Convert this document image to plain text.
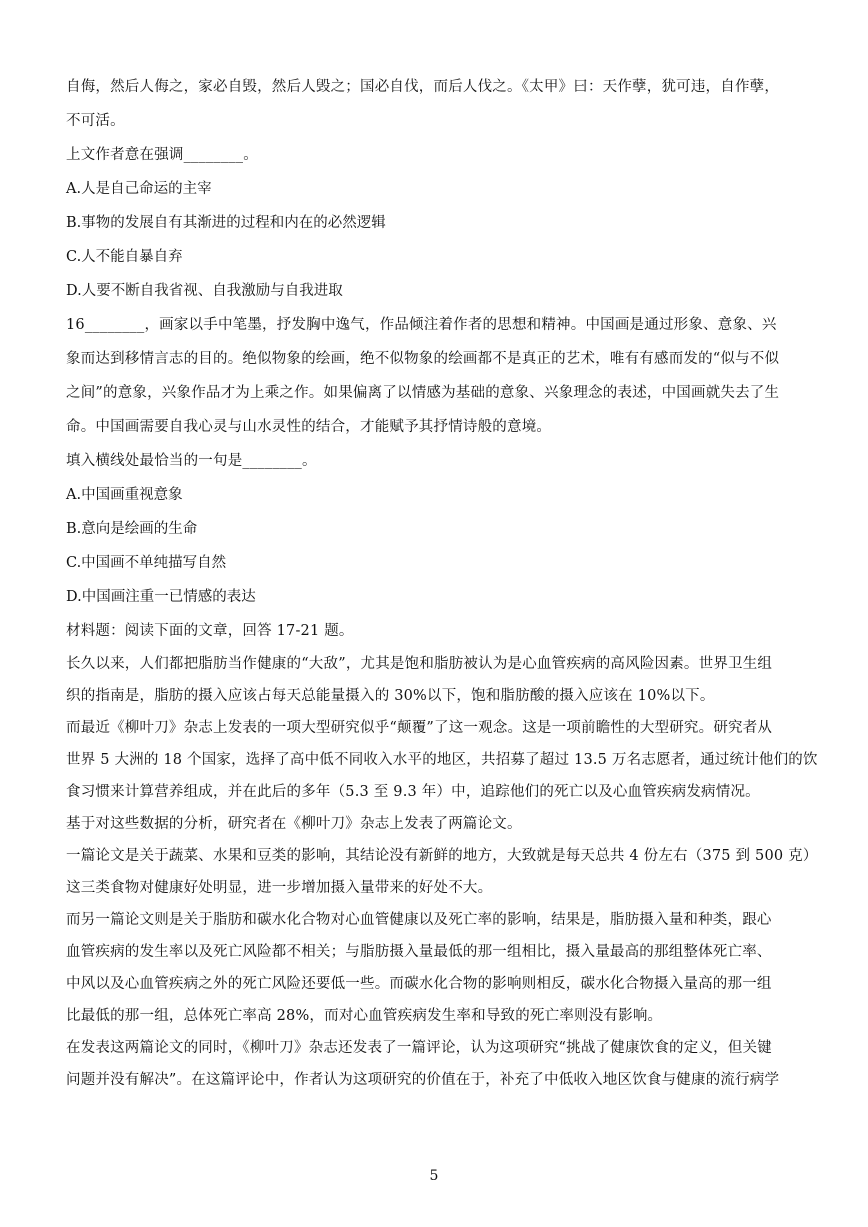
自侮，然后人侮之，家必自毁，然后人毁之；国必自伐，而后人伐之。《太甲》曰：天作孽，犹可违，自作孽，

不可活。

上文作者意在强调________。

A.人是自己命运的主宰

B.事物的发展自有其渐进的过程和内在的必然逻辑

C.人不能自暴自弃

D.人要不断自我省视、自我激励与自我进取

16________，画家以手中笔墨，抒发胸中逸气，作品倾注着作者的思想和精神。中国画是通过形象、意象、兴

象而达到移情言志的目的。绝似物象的绘画，绝不似物象的绘画都不是真正的艺术，唯有有感而发的“似与不似

之间”的意象，兴象作品才为上乘之作。如果偏离了以情感为基础的意象、兴象理念的表述，中国画就失去了生

命。中国画需要自我心灵与山水灵性的结合，才能赋予其抒情诗般的意境。

填入横线处最恰当的一句是________。

A.中国画重视意象

B.意向是绘画的生命

C.中国画不单纯描写自然

D.中国画注重一已情感的表达

材料题：阅读下面的文章，回答 17-21 题。

长久以来，人们都把脂肪当作健康的“大敌”，尤其是饱和脂肪被认为是心血管疾病的高风险因素。世界卫生组

织的指南是，脂肪的摄入应该占每天总能量摄入的 30%以下，饱和脂肪酸的摄入应该在 10%以下。

而最近《柳叶刀》杂志上发表的一项大型研究似乎“颠覆”了这一观念。这是一项前瞻性的大型研究。研究者从

世界 5 大洲的 18 个国家，选择了高中低不同收入水平的地区，共招募了超过 13.5 万名志愿者，通过统计他们的饮

食习惯来计算营养组成，并在此后的多年（5.3 至 9.3 年）中，追踪他们的死亡以及心血管疾病发病情况。

基于对这些数据的分析，研究者在《柳叶刀》杂志上发表了两篇论文。

一篇论文是关于蔬菜、水果和豆类的影响，其结论没有新鲜的地方，大致就是每天总共 4 份左右（375 到 500 克）

这三类食物对健康好处明显，进一步增加摄入量带来的好处不大。

而另一篇论文则是关于脂肪和碳水化合物对心血管健康以及死亡率的影响，结果是，脂肪摄入量和种类，跟心

血管疾病的发生率以及死亡风险都不相关；与脂肪摄入量最低的那一组相比，摄入量最高的那组整体死亡率、

中风以及心血管疾病之外的死亡风险还要低一些。而碳水化合物的影响则相反，碳水化合物摄入量高的那一组

比最低的那一组，总体死亡率高 28%，而对心血管疾病发生率和导致的死亡率则没有影响。

在发表这两篇论文的同时，《柳叶刀》杂志还发表了一篇评论，认为这项研究“挑战了健康饮食的定义，但关键

问题并没有解决”。在这篇评论中，作者认为这项研究的价值在于，补充了中低收入地区饮食与健康的流行病学

5
